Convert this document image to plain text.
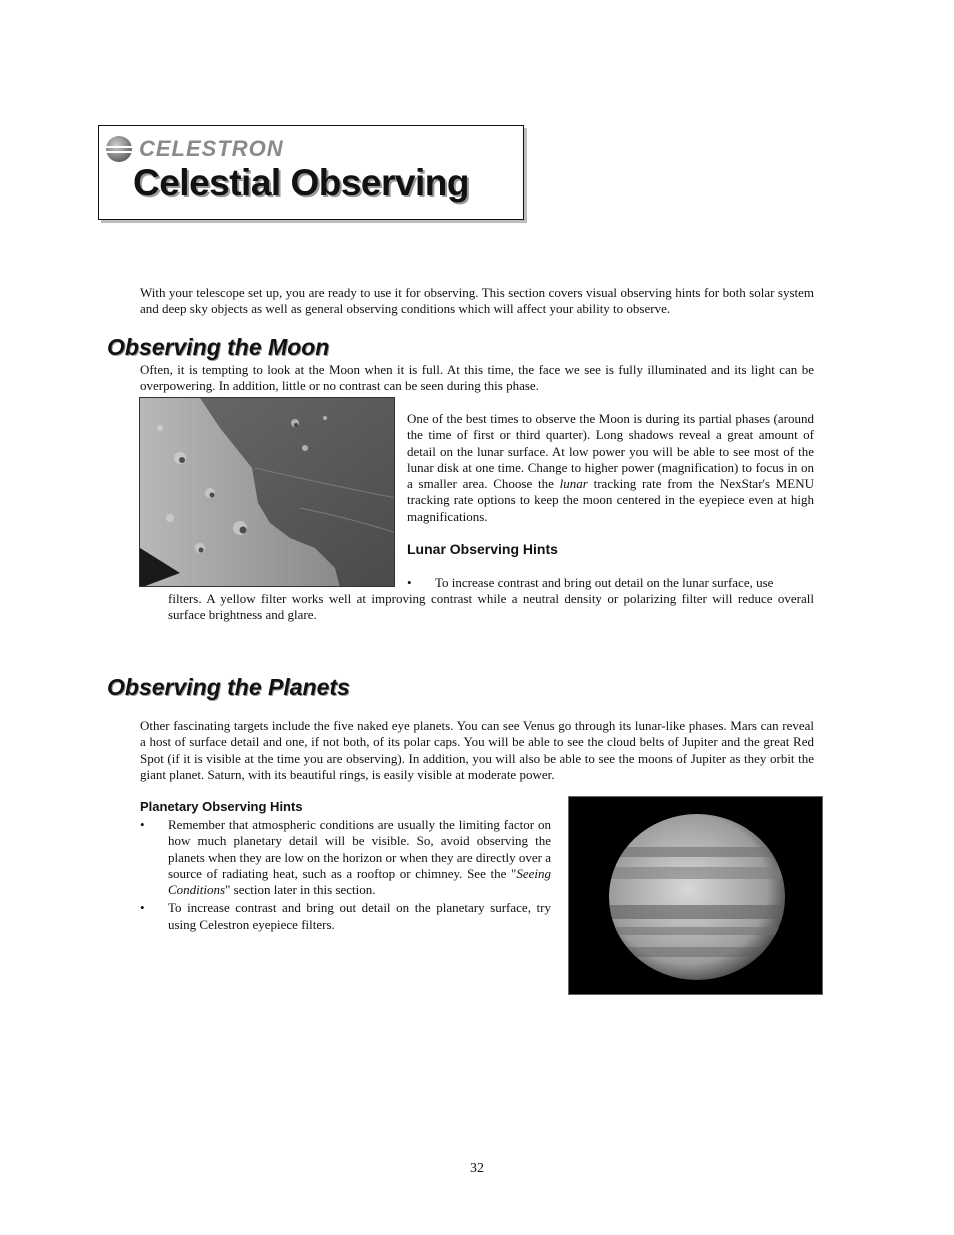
CELESTRON
Celestial Observing

With your telescope set up, you are ready to use it for observing. This section covers visual observing hints for both solar system and deep sky objects as well as general observing conditions which will affect your ability to observe.

Observing the Moon

Often, it is tempting to look at the Moon when it is full. At this time, the face we see is fully illuminated and its light can be overpowering. In addition, little or no contrast can be seen during this phase.

One of the best times to observe the Moon is during its partial phases (around the time of first or third quarter). Long shadows reveal a great amount of detail on the lunar surface. At low power you will be able to see most of the lunar disk at one time. Change to higher power (magnification) to focus in on a smaller area. Choose the lunar tracking rate from the NexStar's MENU tracking rate options to keep the moon centered in the eyepiece even at high magnifications.

Lunar Observing Hints
•	To increase contrast and bring out detail on the lunar surface, use

filters. A yellow filter works well at improving contrast while a neutral density or polarizing filter will reduce overall surface brightness and glare.

Observing the Planets

Other fascinating targets include the five naked eye planets. You can see Venus go through its lunar-like phases. Mars can reveal a host of surface detail and one, if not both, of its polar caps. You will be able to see the cloud belts of Jupiter and the great Red Spot (if it is visible at the time you are observing). In addition, you will also be able to see the moons of Jupiter as they orbit the giant planet. Saturn, with its beautiful rings, is easily visible at moderate power.

Planetary Observing Hints
•	Remember that atmospheric conditions are usually the limiting factor on how much planetary detail will be visible. So, avoid observing the planets when they are low on the horizon or when they are directly over a source of radiating heat, such as a rooftop or chimney. See the "Seeing Conditions" section later in this section.
•	To increase contrast and bring out detail on the planetary surface, try using Celestron eyepiece filters.
32
